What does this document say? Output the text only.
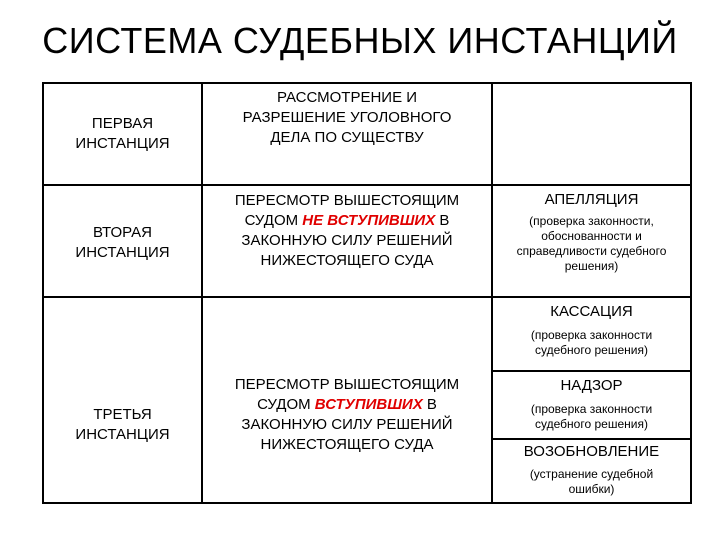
СИСТЕМА СУДЕБНЫХ ИНСТАНЦИЙ
ПЕРВАЯ
ИНСТАНЦИЯ
РАССМОТРЕНИЕ И
РАЗРЕШЕНИЕ УГОЛОВНОГО
ДЕЛА ПО СУЩЕСТВУ
ВТОРАЯ
ИНСТАНЦИЯ
ПЕРЕСМОТР ВЫШЕСТОЯЩИМ
СУДОМ НЕ ВСТУПИВШИХ В
ЗАКОННУЮ СИЛУ РЕШЕНИЙ
НИЖЕСТОЯЩЕГО СУДА
АПЕЛЛЯЦИЯ
(проверка законности,
обоснованности и
справедливости судебного
решения)
ТРЕТЬЯ
ИНСТАНЦИЯ
ПЕРЕСМОТР ВЫШЕСТОЯЩИМ
СУДОМ ВСТУПИВШИХ В
ЗАКОННУЮ СИЛУ РЕШЕНИЙ
НИЖЕСТОЯЩЕГО СУДА
КАССАЦИЯ
(проверка законности
судебного решения)
НАДЗОР
(проверка законности
судебного решения)
ВОЗОБНОВЛЕНИЕ
(устранение судебной
ошибки)
